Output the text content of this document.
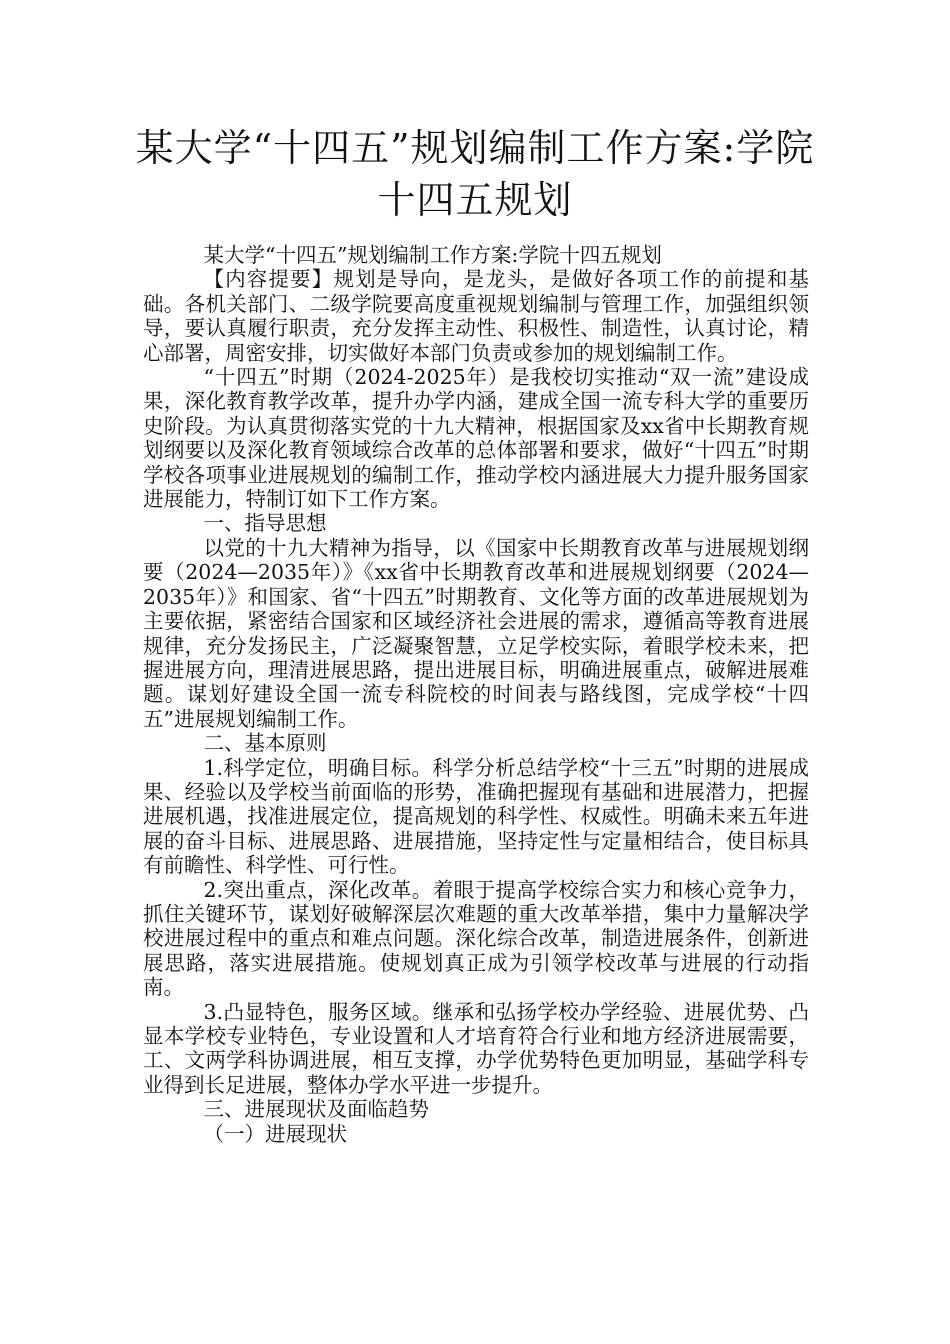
某大学“十四五”规划编制工作方案:学院
十四五规划

某大学“十四五”规划编制工作方案:学院十四五规划

【内容提要】规划是导向，是龙头，是做好各项工作的前提和基础。各机关部门、二级学院要高度重视规划编制与管理工作，加强组织领导，要认真履行职责，充分发挥主动性、积极性、制造性，认真讨论，精心部署，周密安排，切实做好本部门负责或参加的规划编制工作。

“十四五”时期（2024-2025年）是我校切实推动“双一流”建设成果，深化教育教学改革，提升办学内涵，建成全国一流专科大学的重要历史阶段。为认真贯彻落实党的十九大精神，根据国家及xx省中长期教育规划纲要以及深化教育领域综合改革的总体部署和要求，做好“十四五”时期学校各项事业进展规划的编制工作，推动学校内涵进展大力提升服务国家进展能力，特制订如下工作方案。

一、指导思想

以党的十九大精神为指导，以《国家中长期教育改革与进展规划纲要（2024—2035年）》《xx省中长期教育改革和进展规划纲要（2024—2035年）》和国家、省“十四五”时期教育、文化等方面的改革进展规划为主要依据，紧密结合国家和区域经济社会进展的需求，遵循高等教育进展规律，充分发扬民主，广泛凝聚智慧，立足学校实际，着眼学校未来，把握进展方向，理清进展思路，提出进展目标，明确进展重点，破解进展难题。谋划好建设全国一流专科院校的时间表与路线图，完成学校“十四五”进展规划编制工作。

二、基本原则

1.科学定位，明确目标。科学分析总结学校“十三五”时期的进展成果、经验以及学校当前面临的形势，准确把握现有基础和进展潜力，把握进展机遇，找准进展定位，提高规划的科学性、权威性。明确未来五年进展的奋斗目标、进展思路、进展措施，坚持定性与定量相结合，使目标具有前瞻性、科学性、可行性。

2.突出重点，深化改革。着眼于提高学校综合实力和核心竞争力，抓住关键环节，谋划好破解深层次难题的重大改革举措，集中力量解决学校进展过程中的重点和难点问题。深化综合改革，制造进展条件，创新进展思路，落实进展措施。使规划真正成为引领学校改革与进展的行动指南。

3.凸显特色，服务区域。继承和弘扬学校办学经验、进展优势、凸显本学校专业特色，专业设置和人才培育符合行业和地方经济进展需要，工、文两学科协调进展，相互支撑，办学优势特色更加明显，基础学科专业得到长足进展，整体办学水平进一步提升。

三、进展现状及面临趋势

（一）进展现状
